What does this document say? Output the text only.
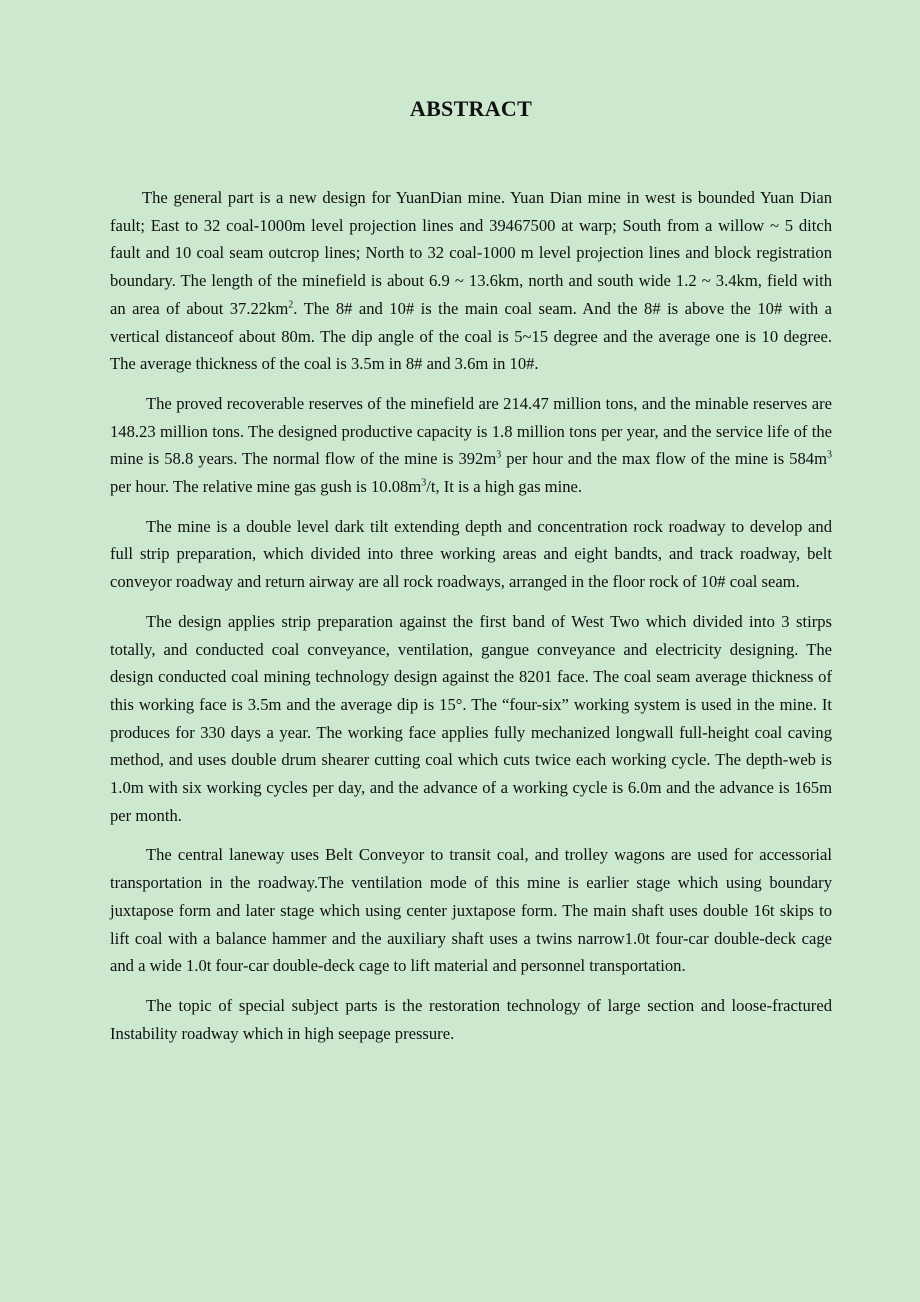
ABSTRACT

The general part is a new design for YuanDian mine. Yuan Dian mine in west is bounded Yuan Dian fault; East to 32 coal-1000m level projection lines and 39467500 at warp; South from a willow ~ 5 ditch fault and 10 coal seam outcrop lines; North to 32 coal-1000 m level projection lines and block registration boundary. The length of the minefield is about 6.9 ~ 13.6km, north and south wide 1.2 ~ 3.4km, field with an area of about $37.22km^2$. The 8# and 10# is the main coal seam. And the 8# is above the 10# with a vertical distanceof about 80m. The dip angle of the coal is 5~15 degree and the average one is 10 degree. The average thickness of the coal is 3.5m in 8# and 3.6m in 10#.

The proved recoverable reserves of the minefield are 214.47 million tons, and the minable reserves are 148.23 million tons. The designed productive capacity is 1.8 million tons per year, and the service life of the mine is 58.8 years. The normal flow of the mine is $392m^3$ per hour and the max flow of the mine is $584m^3$ per hour. The relative mine gas gush is $10.08m^3/t$, It is a high gas mine.

The mine is a double level dark tilt extending depth and concentration rock roadway to develop and full strip preparation, which divided into three working areas and eight bandts, and track roadway, belt conveyor roadway and return airway are all rock roadways, arranged in the floor rock of 10# coal seam.

The design applies strip preparation against the first band of West Two which divided into 3 stirps totally, and conducted coal conveyance, ventilation, gangue conveyance and electricity designing. The design conducted coal mining technology design against the 8201 face. The coal seam average thickness of this working face is 3.5m and the average dip is 15°. The “four-six” working system is used in the mine. It produces for 330 days a year. The working face applies fully mechanized longwall full-height coal caving method, and uses double drum shearer cutting coal which cuts twice each working cycle. The depth-web is 1.0m with six working cycles per day, and the advance of a working cycle is 6.0m and the advance is 165m per month.

The central laneway uses Belt Conveyor to transit coal, and trolley wagons are used for accessorial transportation in the roadway.The ventilation mode of this mine is earlier stage which using boundary juxtapose form and later stage which using center juxtapose form. The main shaft uses double 16t skips to lift coal with a balance hammer and the auxiliary shaft uses a twins narrow1.0t four-car double-deck cage and a wide 1.0t four-car double-deck cage to lift material and personnel transportation.

The topic of special subject parts is the restoration technology of large section and loose-fractured Instability roadway which in high seepage pressure.
